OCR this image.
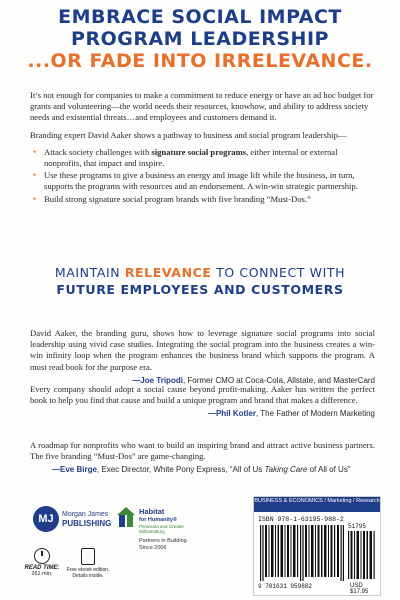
EMBRACE SOCIAL IMPACT
PROGRAM LEADERSHIP
...OR FADE INTO IRRELEVANCE.

It’s not enough for companies to make a commitment to reduce energy or have an ad hoc budget for grants and volunteering—the world needs their resources, knowhow, and ability to address society needs and existential threats…and employees and customers demand it.

Branding expert David Aaker shows a pathway to business and social program leadership—

• Attack society challenges with signature social programs, either internal or external nonprofits, that impact and inspire.
• Use these programs to give a business an energy and image lift while the business, in turn, supports the programs with resources and an endorsement. A win-win strategic partnership.
• Build strong signature social program brands with five branding “Must-Dos.”
MAINTAIN RELEVANCE TO CONNECT WITH
FUTURE EMPLOYEES AND CUSTOMERS

David Aaker, the branding guru, shows how to leverage signature social programs into social leadership using vivid case studies. Integrating the social program into the business creates a win-win infinity loop when the program enhances the business brand which supports the program. A must read book for the purpose era.

—Joe Tripodi, Former CMO at Coca-Cola, Allstate, and MasterCard

Every company should adopt a social cause beyond profit-making. Aaker has written the perfect book to help you find that cause and build a unique program and brand that makes a difference.

—Phil Kotler, The Father of Modern Marketing

A roadmap for nonprofits who want to build an inspiring brand and attract active business partners. The five branding “Must-Dos” are game-changing.

—Eve Birge, Exec Director, White Pony Express, “All of Us Taking Care of All of Us”
MJ	Morgan James
PUBLISHING
Habitat
for Humanity®
Peninsula and Greater Williamsburg
Partners in Building Since 2006
READ TIME:
261 min.
Free ebook edition. Details inside.
BUSINESS & ECONOMICS / Marketing / Research
ISBN 978-1-63195-988-2
51795
9 781631 959882	USD $17.95
